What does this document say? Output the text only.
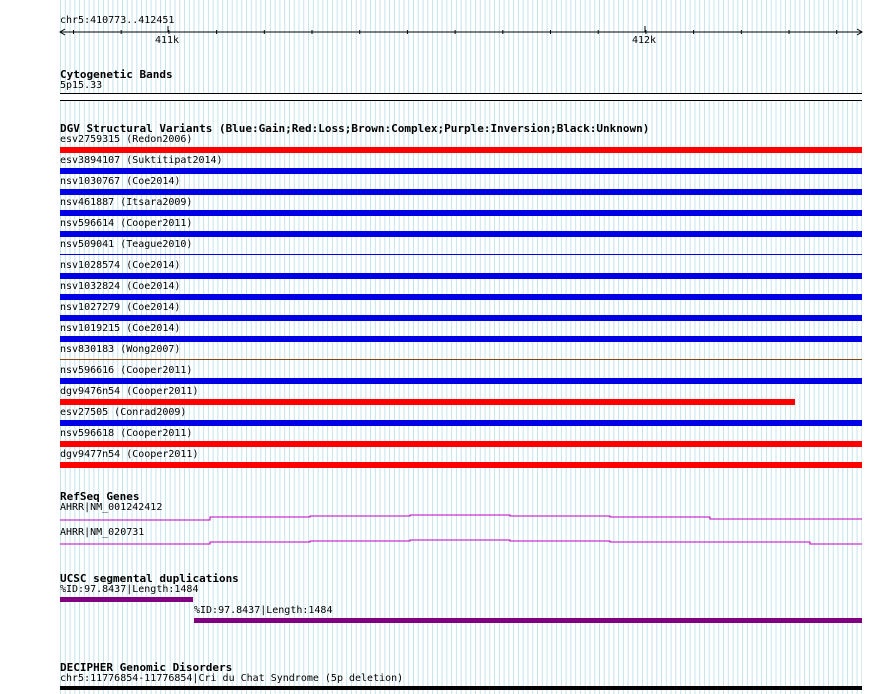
chr5:410773..412451
411k	412k
Cytogenetic Bands
5p15.33
DGV Structural Variants (Blue:Gain;Red:Loss;Brown:Complex;Purple:Inversion;Black:Unknown)
esv2759315 (Redon2006)
esv3894107 (Suktitipat2014)
nsv1030767 (Coe2014)
nsv461887 (Itsara2009)
nsv596614 (Cooper2011)
nsv509041 (Teague2010)
nsv1028574 (Coe2014)
nsv1032824 (Coe2014)
nsv1027279 (Coe2014)
nsv1019215 (Coe2014)
nsv830183 (Wong2007)
nsv596616 (Cooper2011)
dgv9476n54 (Cooper2011)
esv27505 (Conrad2009)
nsv596618 (Cooper2011)
dgv9477n54 (Cooper2011)
RefSeq Genes
AHRR|NM_001242412
AHRR|NM_020731
UCSC segmental duplications
%ID:97.8437|Length:1484
%ID:97.8437|Length:1484
DECIPHER Genomic Disorders
chr5:11776854-11776854|Cri du Chat Syndrome (5p deletion)
